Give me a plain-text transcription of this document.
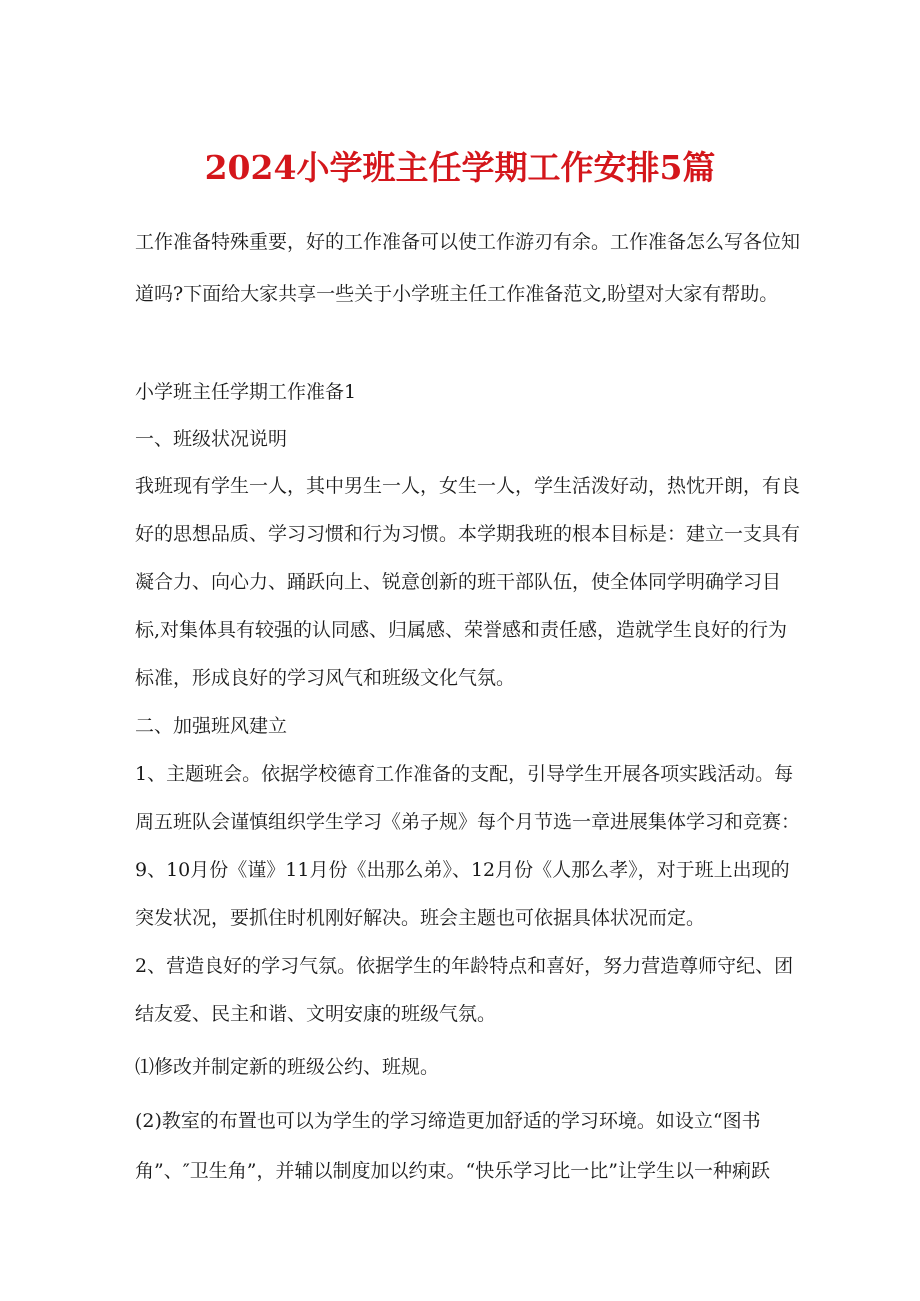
2024小学班主任学期工作安排5篇

工作准备特殊重要，好的工作准备可以使工作游刃有余。工作准备怎么写各位知

道吗?下面给大家共享一些关于小学班主任工作准备范文,盼望对大家有帮助。

小学班主任学期工作准备1

一、班级状况说明

我班现有学生一人，其中男生一人，女生一人，学生活泼好动，热忱开朗，有良

好的思想品质、学习习惯和行为习惯。本学期我班的根本目标是：建立一支具有

凝合力、向心力、踊跃向上、锐意创新的班干部队伍，使全体同学明确学习目

标,对集体具有较强的认同感、归属感、荣誉感和责任感，造就学生良好的行为

标准，形成良好的学习风气和班级文化气氛。

二、加强班风建立

1、主题班会。依据学校德育工作准备的支配，引导学生开展各项实践活动。每

周五班队会谨慎组织学生学习《弟子规》每个月节选一章进展集体学习和竞赛：

9、10月份《谨》11月份《出那么弟》、12月份《人那么孝》，对于班上出现的

突发状况，要抓住时机刚好解决。班会主题也可依据具体状况而定。

2、营造良好的学习气氛。依据学生的年龄特点和喜好，努力营造尊师守纪、团

结友爱、民主和谐、文明安康的班级气氛。

⑴修改并制定新的班级公约、班规。

(2)教室的布置也可以为学生的学习缔造更加舒适的学习环境。如设立“图书

角”、″卫生角”，并辅以制度加以约束。“快乐学习比一比”让学生以一种痢跃
